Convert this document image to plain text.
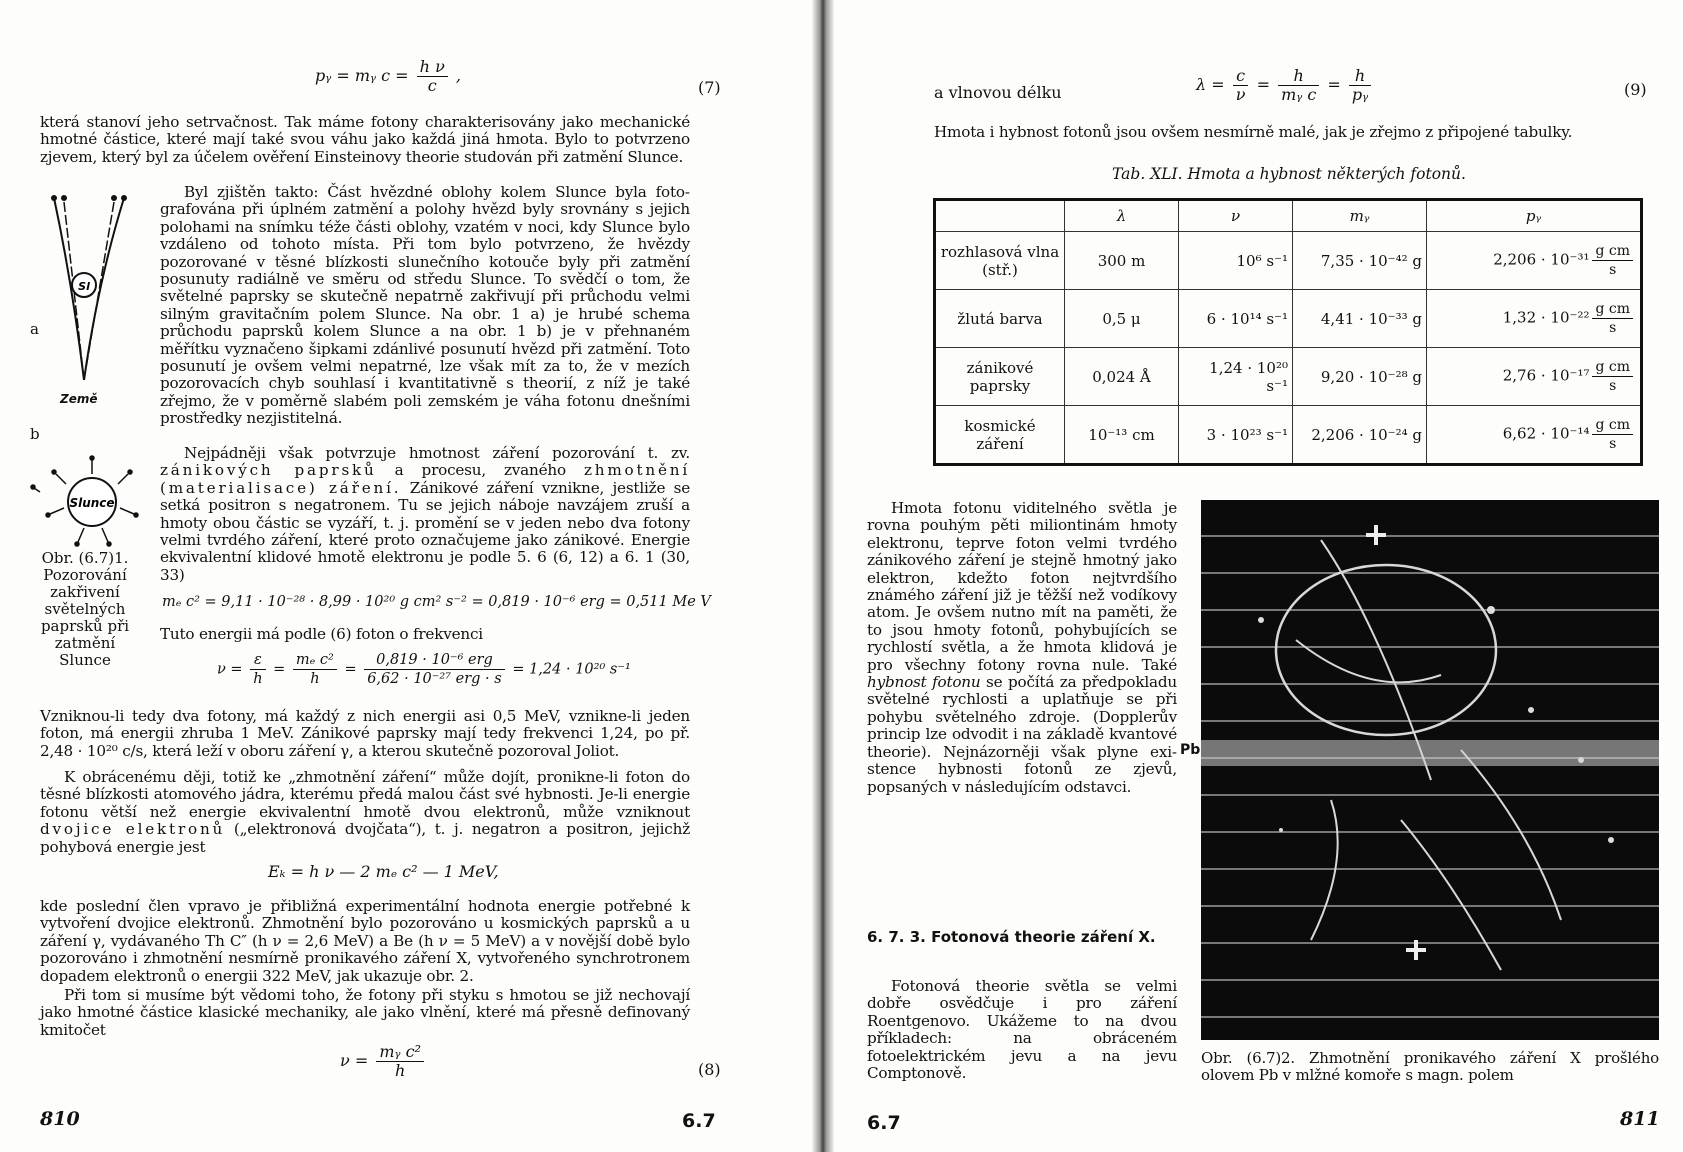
pᵧ = mᵧ $c = \frac{\text{h ν}}{c}$ ,
(7)

která stanoví jeho setrvačnost. Tak máme fotony charakterisovány jako mechanické hmotné částice, které mají také svou váhu jako každá jiná hmota. Bylo to potvrzeno zjevem, který byl za účelem ověření Einsteinovy theorie studován při zatmění Slunce.

Byl zjištěn takto: Část hvězdné oblohy kolem Slunce byla fotografována při úplném zatmění a polohy hvězd byly srovnány s jejich polohami na snímku téže části oblohy, vzatém v noci, kdy Slunce bylo vzdáleno od tohoto místa. Při tom bylo potvrzeno, že hvězdy pozorované v těsné blízkosti slunečního kotouče byly při zatmění posunuty radiálně ve směru od středu Slunce. To svědčí o tom, že světelné paprsky se skutečně nepatrně zakřivují při průchodu velmi silným gravitačním polem Slunce. Na obr. 1 a) je hrubé schema průchodu paprsků kolem Slunce a na obr. 1 b) je v přehnaném měřítku vyznačeno šipkami zdánlivé posunutí hvězd při zatmění. Toto posunutí je ovšem velmi nepatrné, lze však mít za to, že v mezích pozorovacích chyb souhlasí i kvantitativně s theorií, z níž je také zřejmo, že v poměrně slabém poli zemském je váha fotonu dnešními prostředky nezjistitelná.

Nejpádněji však potvrzuje hmotnost záření pozorování t. zv. zánikových paprsků a procesu, zvaného zhmotnění (materialisace) záření. Zánikové záření vznikne, jestliže se setká positron s negatronem. Tu se jejich náboje navzájem zruší a hmoty obou částic se vyzáří, t. j. promění se v jeden nebo dva fotony velmi tvrdého záření, které proto označujeme jako zánikové. Energie ekvivalentní klidové hmotě elektronu je podle 5. 6 (6, 12) a 6. 1 (30, 33)

mₑ c² = 9,11 · 10⁻²⁸ · 8,99 · 10²⁰ g cm² s⁻² = 0,819 · 10⁻⁶ erg = 0,511 Me V

Tuto energii má podle (6) foton o frekvenci

$\nu = \frac{\varepsilon}{h} = \frac{\text{mₑ c²}}{h} = \frac{\text{0,819 · 10⁻⁶ erg}}{\text{6,62 · 10⁻²⁷ erg · s}} = 1,24 \cdot 10^{20}$ s⁻¹

Vzniknou-li tedy dva fotony, má každý z nich energii asi 0,5 MeV, vznikne-li jeden foton, má energii zhruba 1 MeV. Zánikové paprsky mají tedy frekvenci 1,24, po př. 2,48 · 10²⁰ c/s, která leží v oboru záření γ, a kterou skutečně pozoroval Joliot.

K obrácenému ději, totiž ke „zhmotnění záření“ může dojít, pronikne-li foton do těsné blízkosti atomového jádra, kterému předá malou část své hybnosti. Je-li energie fotonu větší než energie ekvivalentní hmotě dvou elektronů, může vzniknout dvojice elektronů („elektronová dvojčata“), t. j. negatron a positron, jejichž pohybová energie jest

Eₖ = h ν — 2 mₑ c² — 1 MeV,

kde poslední člen vpravo je přibližná experimentální hodnota energie potřebné k vytvoření dvojice elektronů. Zhmotnění bylo pozorováno u kosmických paprsků a u záření γ, vydávaného Th C″ (h ν = 2,6 MeV) a Be (h ν = 5 MeV) a v novější době bylo pozorováno i zhmotnění nesmírně pronikavého záření X, vytvořeného synchrotronem dopadem elektronů o energii 322 MeV, jak ukazuje obr. 2.

Při tom si musíme být vědomi toho, že fotony při styku s hmotou se již nechovají jako hmotné částice klasické mechaniky, ale jako vlnění, které má přesně definovaný kmitočet

$\nu = \frac{\text{mᵧ c²}}{h}$	(8)
Sl
Země
a
b
Slunce
Obr. (6.7)1.
Pozorování
zakřivení
světelných
paprsků při
zatmění
Slunce
810	6.7
a vlnovou délku	$\lambda = \frac{c}{\nu} = \frac{h}{\text{mᵧ c}} = \frac{h}{\text{pᵧ}}$	(9)

Hmota i hybnost fotonů jsou ovšem nesmírně malé, jak je zřejmo z připojené tabulky.

Tab. XLI. Hmota a hybnost některých fotonů.
	λ	ν	mᵧ	pᵧ
rozhlasová vlna (stř.)	300 m	10⁶ s⁻¹	7,35 · 10⁻⁴² g	$2,206 \cdot 10^{-31} \frac{\text{g cm}}{s}$

žlutá barva	0,5 μ	6 · 10¹⁴ s⁻¹	4,41 · 10⁻³³ g	$1,32 \cdot 10^{-22} \frac{\text{g cm}}{s}$

zánikové paprsky	0,024 Å	1,24 · 10²⁰ s⁻¹	9,20 · 10⁻²⁸ g	$2,76 \cdot 10^{-17} \frac{\text{g cm}}{s}$

kosmické záření	10⁻¹³ cm	3 · 10²³ s⁻¹	2,206 · 10⁻²⁴ g	$6,62 \cdot 10^{-14} \frac{\text{g cm}}{s}$

Hmota fotonu viditelného světla je rovna pouhým pěti miliontinám hmoty elektronu, teprve foton velmi tvrdého zánikového záření je stejně hmotný jako elektron, kdežto foton nejtvrdšího známého záření již je těžší než vodíkovy atom. Je ovšem nutno mít na paměti, že to jsou hmoty fotonů, pohybujících se rychlostí světla, a že hmota klidová je pro všechny fotony rovna nule. Také hybnost fotonu se počítá za předpokladu světelné rychlosti a uplatňuje se při pohybu světelného zdroje. (Dopplerův princip lze odvodit i na základě kvantové theorie). Nejnázorněji však plyne existence hybnosti fotonů ze zjevů, popsaných v následujícím odstavci.

6. 7. 3. Fotonová theorie záření X.

Fotonová theorie světla se velmi dobře osvědčuje i pro záření Roentgenovo. Ukážeme to na dvou příkladech: na obráceném fotoelektrickém jevu a na jevu Comptonově.

Pb

Obr. (6.7)2. Zhmotnění pronikavého záření X prošlého olovem Pb v mlžné komoře s magn. polem

6.7	811
